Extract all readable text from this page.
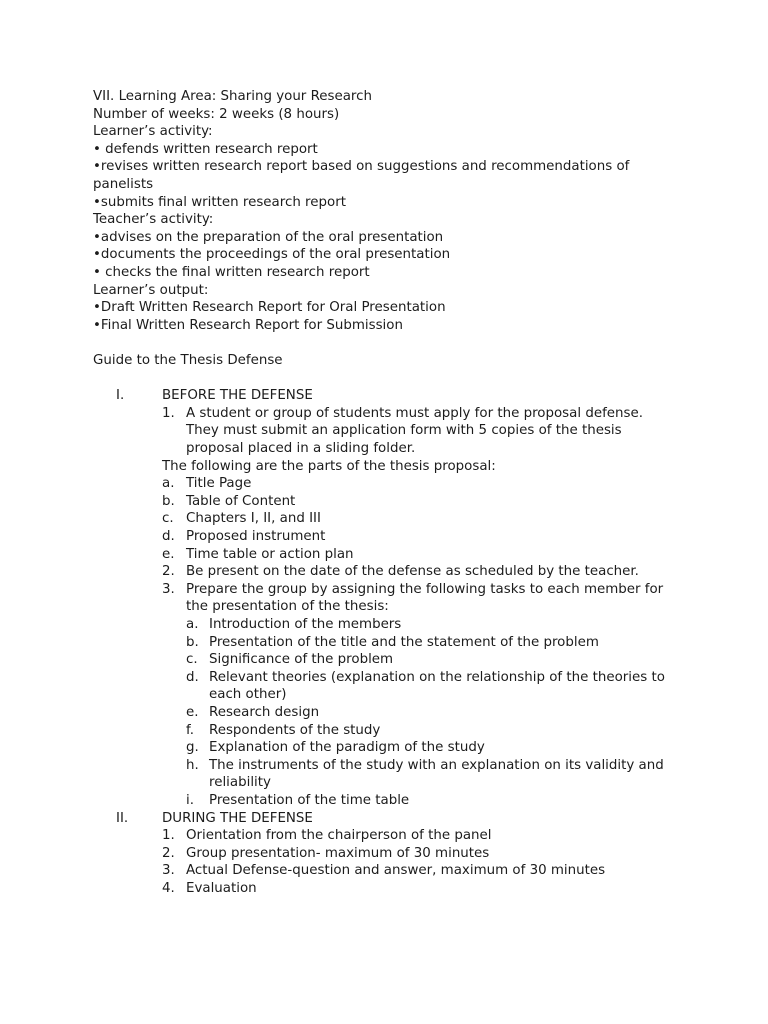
VII. Learning Area: Sharing your Research
Number of weeks: 2 weeks (8 hours)
Learner’s activity:
• defends written research report
•revises written research report based on suggestions and recommendations of
panelists
•submits final written research report
Teacher’s activity:
•advises on the preparation of the oral presentation
•documents the proceedings of the oral presentation
• checks the final written research report
Learner’s output:
•Draft Written Research Report for Oral Presentation
•Final Written Research Report for Submission
Guide to the Thesis Defense
I.	BEFORE THE DEFENSE
1. A student or group of students must apply for the proposal defense.
They must submit an application form with 5 copies of the thesis
proposal placed in a sliding folder.
The following are the parts of the thesis proposal:
a. Title Page
b. Table of Content
c. Chapters I, II, and III
d. Proposed instrument
e. Time table or action plan
2. Be present on the date of the defense as scheduled by the teacher.
3. Prepare the group by assigning the following tasks to each member for
the presentation of the thesis:
a. Introduction of the members
b. Presentation of the title and the statement of the problem
c. Significance of the problem
d. Relevant theories (explanation on the relationship of the theories to
each other)
e. Research design
f. Respondents of the study
g. Explanation of the paradigm of the study
h. The instruments of the study with an explanation on its validity and
reliability
i. Presentation of the time table
II.	DURING THE DEFENSE
1. Orientation from the chairperson of the panel
2. Group presentation- maximum of 30 minutes
3. Actual Defense-question and answer, maximum of 30 minutes
4. Evaluation
